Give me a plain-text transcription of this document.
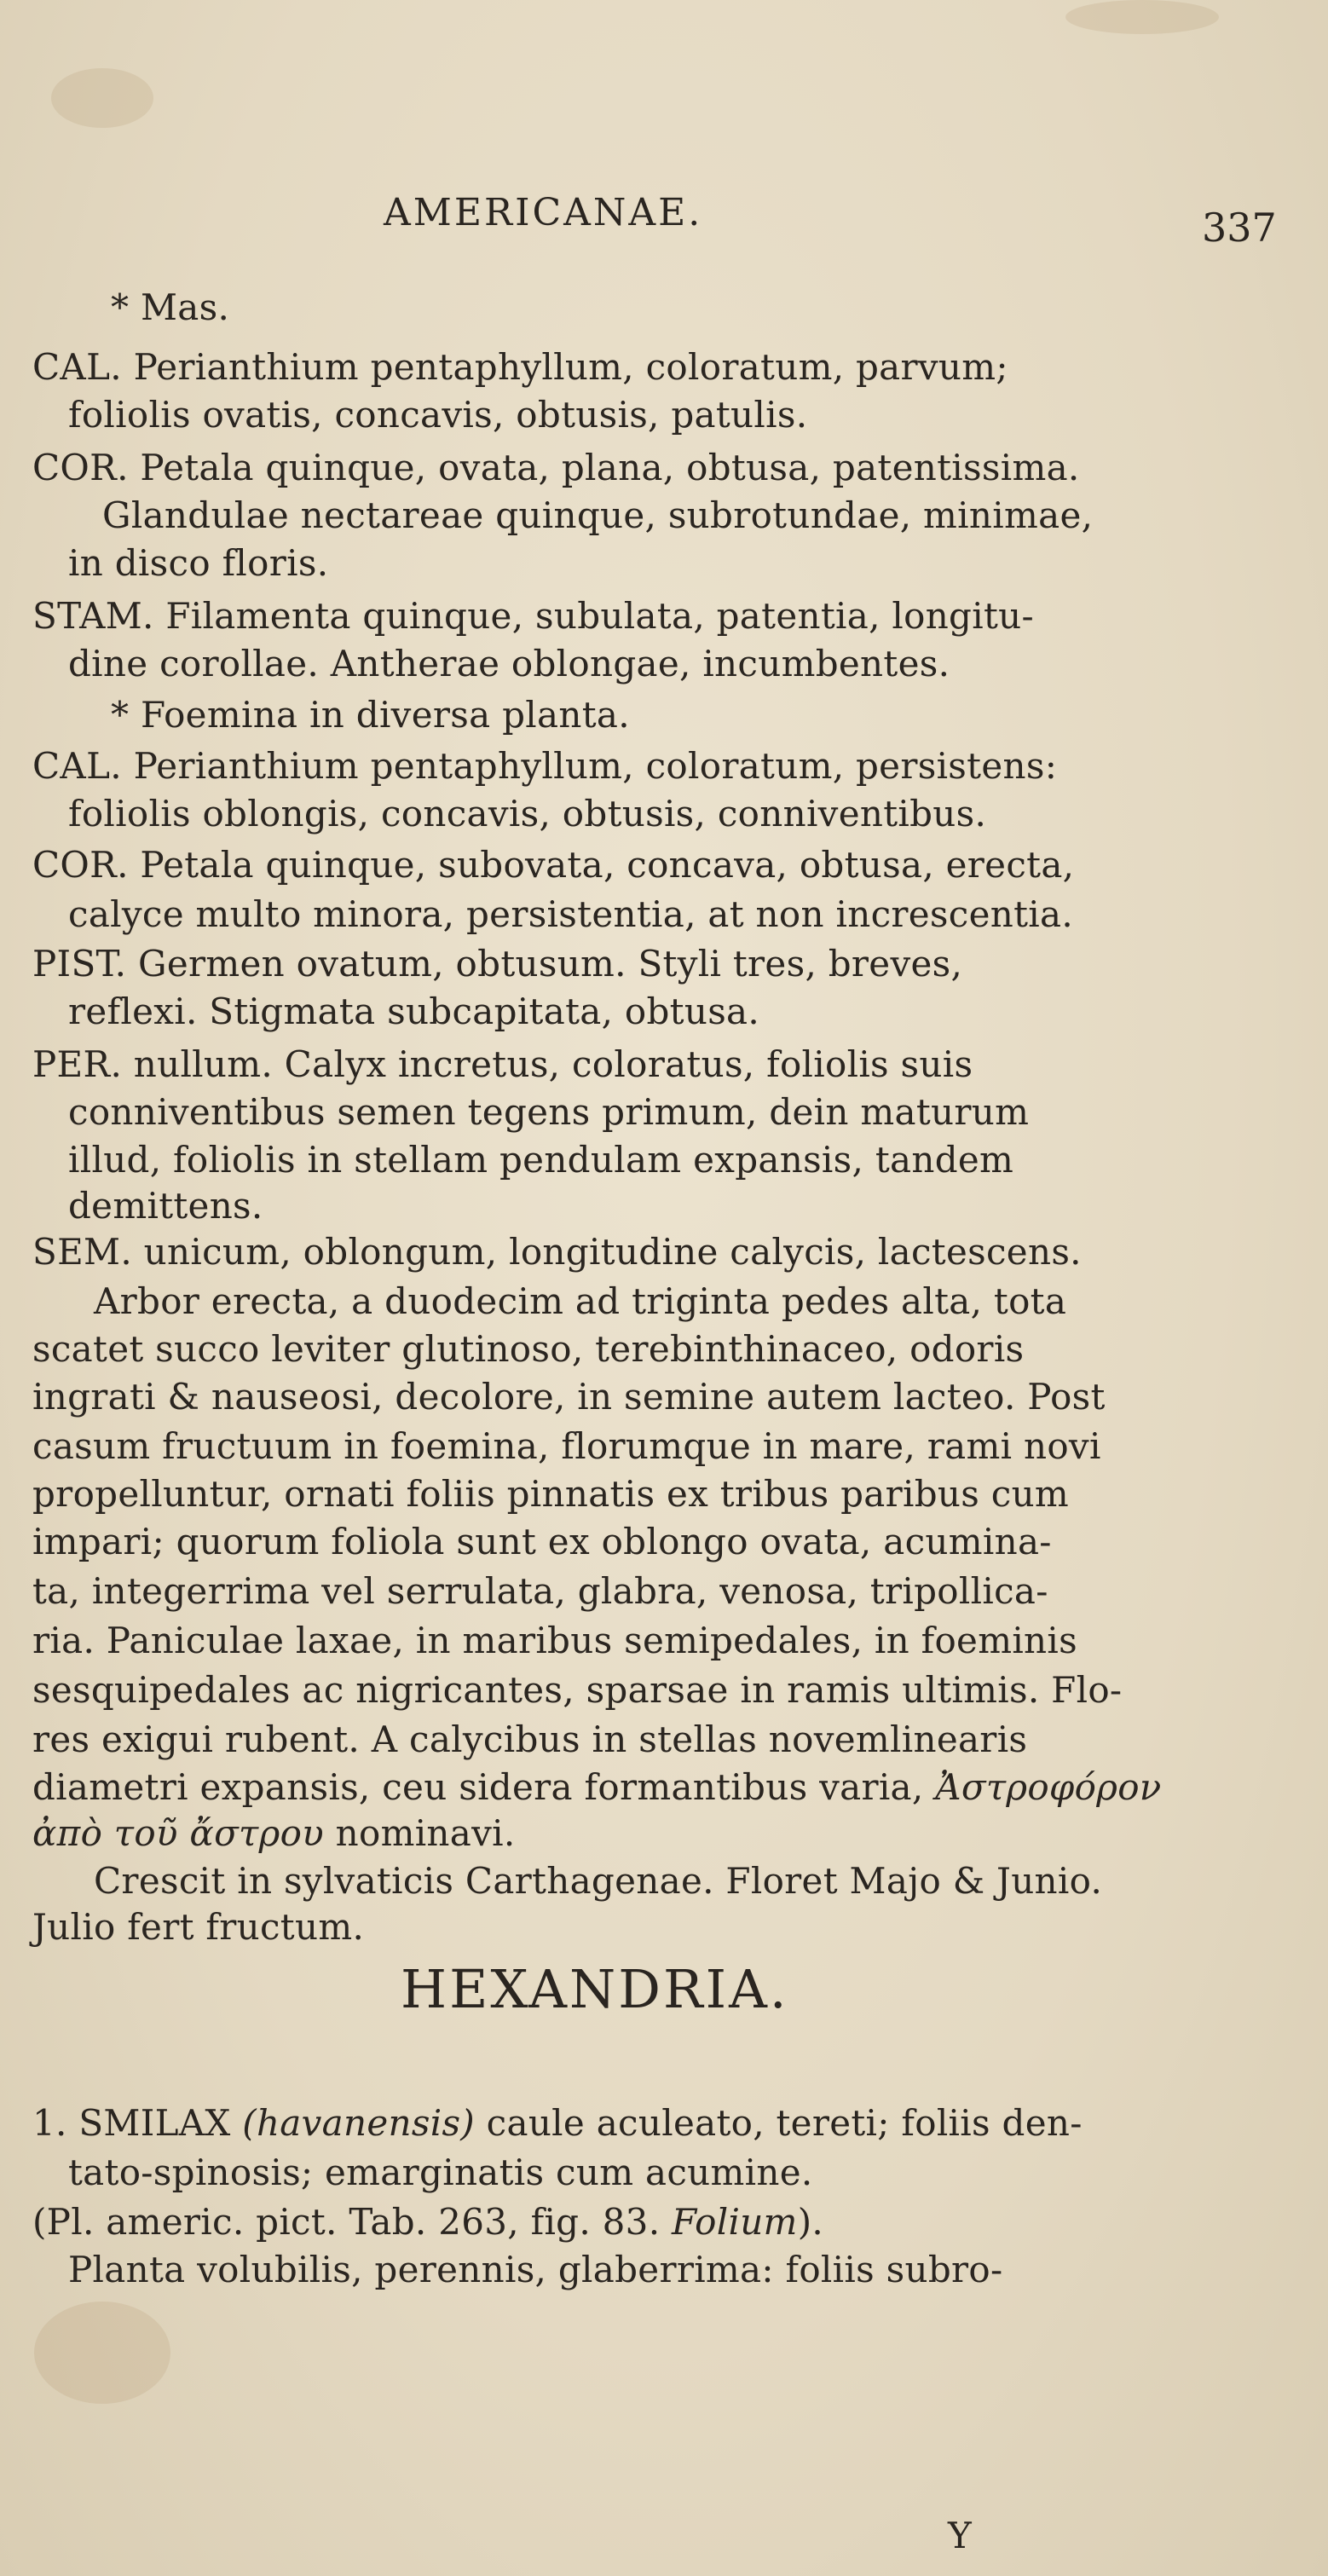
AMERICANAE.	337
* Mas.
CAL. Perianthium pentaphyllum, coloratum, parvum;
foliolis ovatis, concavis, obtusis, patulis.
COR. Petala quinque, ovata, plana, obtusa, patentissima.
Glandulae nectareae quinque, subrotundae, minimae,
in disco floris.
STAM. Filamenta quinque, subulata, patentia, longitu-
dine corollae. Antherae oblongae, incumbentes.
* Foemina in diversa planta.
CAL. Perianthium pentaphyllum, coloratum, persistens:
foliolis oblongis, concavis, obtusis, conniventibus.
COR. Petala quinque, subovata, concava, obtusa, erecta,
calyce multo minora, persistentia, at non increscentia.
PIST. Germen ovatum, obtusum. Styli tres, breves,
reflexi. Stigmata subcapitata, obtusa.
PER. nullum. Calyx incretus, coloratus, foliolis suis
conniventibus semen tegens primum, dein maturum
illud, foliolis in stellam pendulam expansis, tandem
demittens.
SEM. unicum, oblongum, longitudine calycis, lactescens.
Arbor erecta, a duodecim ad triginta pedes alta, tota
scatet succo leviter glutinoso, terebinthinaceo, odoris
ingrati & nauseosi, decolore, in semine autem lacteo. Post
casum fructuum in foemina, florumque in mare, rami novi
propelluntur, ornati foliis pinnatis ex tribus paribus cum
impari; quorum foliola sunt ex oblongo ovata, acumina-
ta, integerrima vel serrulata, glabra, venosa, tripollica-
ria. Paniculae laxae, in maribus semipedales, in foeminis
sesquipedales ac nigricantes, sparsae in ramis ultimis. Flo-
res exigui rubent. A calycibus in stellas novemlinearis
diametri expansis, ceu sidera formantibus varia, Ἀστροφόρον
ἀπὸ τοῦ ἄστρου nominavi.
Crescit in sylvaticis Carthagenae. Floret Majo & Junio.
Julio fert fructum.
HEXANDRIA.
1. SMILAX (havanensis) caule aculeato, tereti; foliis den-
tato-spinosis; emarginatis cum acumine.
(Pl. americ. pict. Tab. 263, fig. 83. Folium).
Planta volubilis, perennis, glaberrima: foliis subro-
Y
